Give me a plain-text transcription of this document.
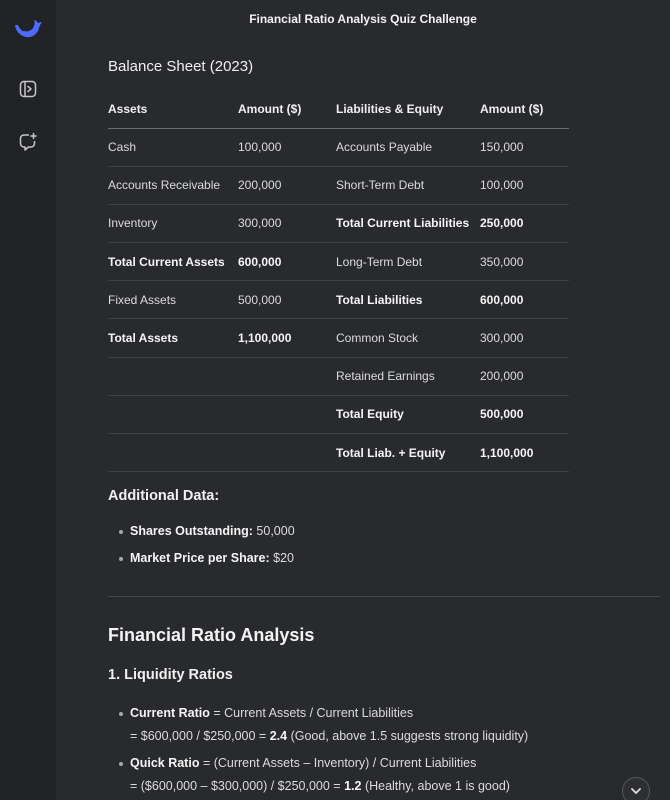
Financial Ratio Analysis Quiz Challenge
Balance Sheet (2023)
Assets	Amount ($)	Liabilities & Equity	Amount ($)
Cash	100,000	Accounts Payable	150,000
Accounts Receivable	200,000	Short-Term Debt	100,000
Inventory	300,000	Total Current Liabilities	250,000
Total Current Assets	600,000	Long-Term Debt	350,000
Fixed Assets	500,000	Total Liabilities	600,000
Total Assets	1,100,000	Common Stock	300,000
		Retained Earnings	200,000
		Total Equity	500,000
		Total Liab. + Equity	1,100,000
Additional Data:
Shares Outstanding: 50,000
Market Price per Share: $20
Financial Ratio Analysis
1. Liquidity Ratios
Current Ratio = Current Assets / Current Liabilities
= $600,000 / $250,000 = 2.4 (Good, above 1.5 suggests strong liquidity)
Quick Ratio = (Current Assets – Inventory) / Current Liabilities
= ($600,000 – $300,000) / $250,000 = 1.2 (Healthy, above 1 is good)
